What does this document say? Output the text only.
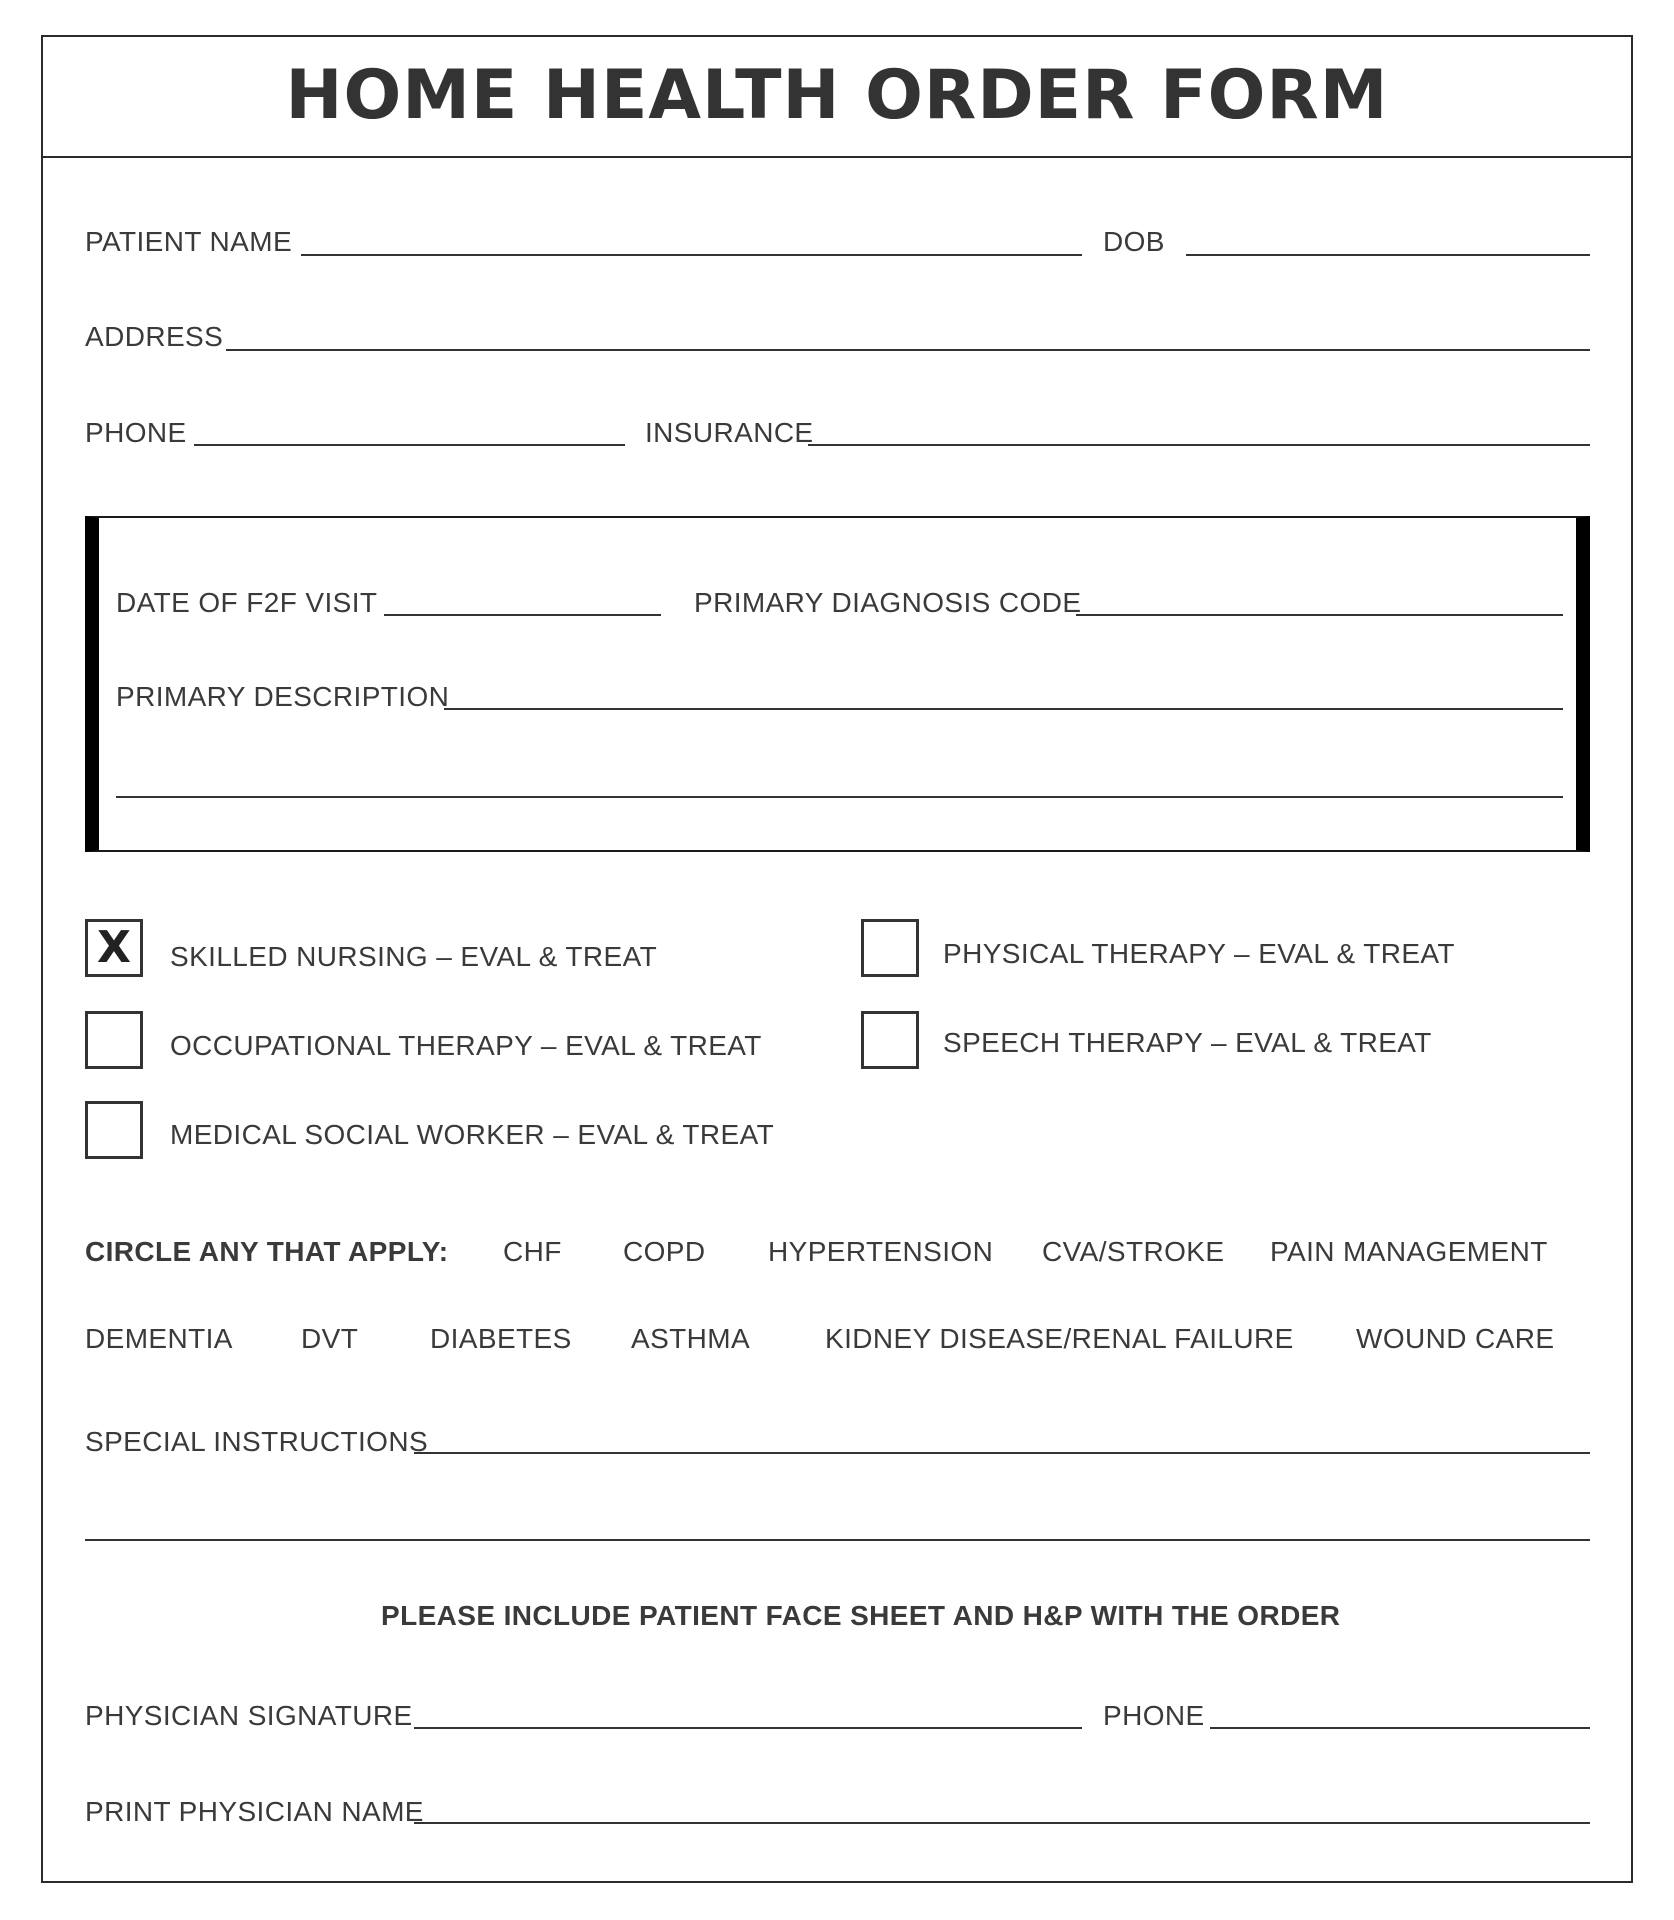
HOME HEALTH ORDER FORM
PATIENT NAME	DOB
ADDRESS
PHONE	INSURANCE
DATE OF F2F VISIT	PRIMARY DIAGNOSIS CODE
PRIMARY DESCRIPTION
X SKILLED NURSING – EVAL & TREAT	PHYSICAL THERAPY – EVAL & TREAT
OCCUPATIONAL THERAPY – EVAL & TREAT	SPEECH THERAPY – EVAL & TREAT
MEDICAL SOCIAL WORKER – EVAL & TREAT
CIRCLE ANY THAT APPLY: CHF COPD HYPERTENSION CVA/STROKE PAIN MANAGEMENT
DEMENTIA DVT	DIABETES ASTHMA	KIDNEY DISEASE/RENAL FAILURE WOUND CARE
SPECIAL INSTRUCTIONS
PLEASE INCLUDE PATIENT FACE SHEET AND H&P WITH THE ORDER
PHYSICIAN SIGNATURE	PHONE
PRINT PHYSICIAN NAME
